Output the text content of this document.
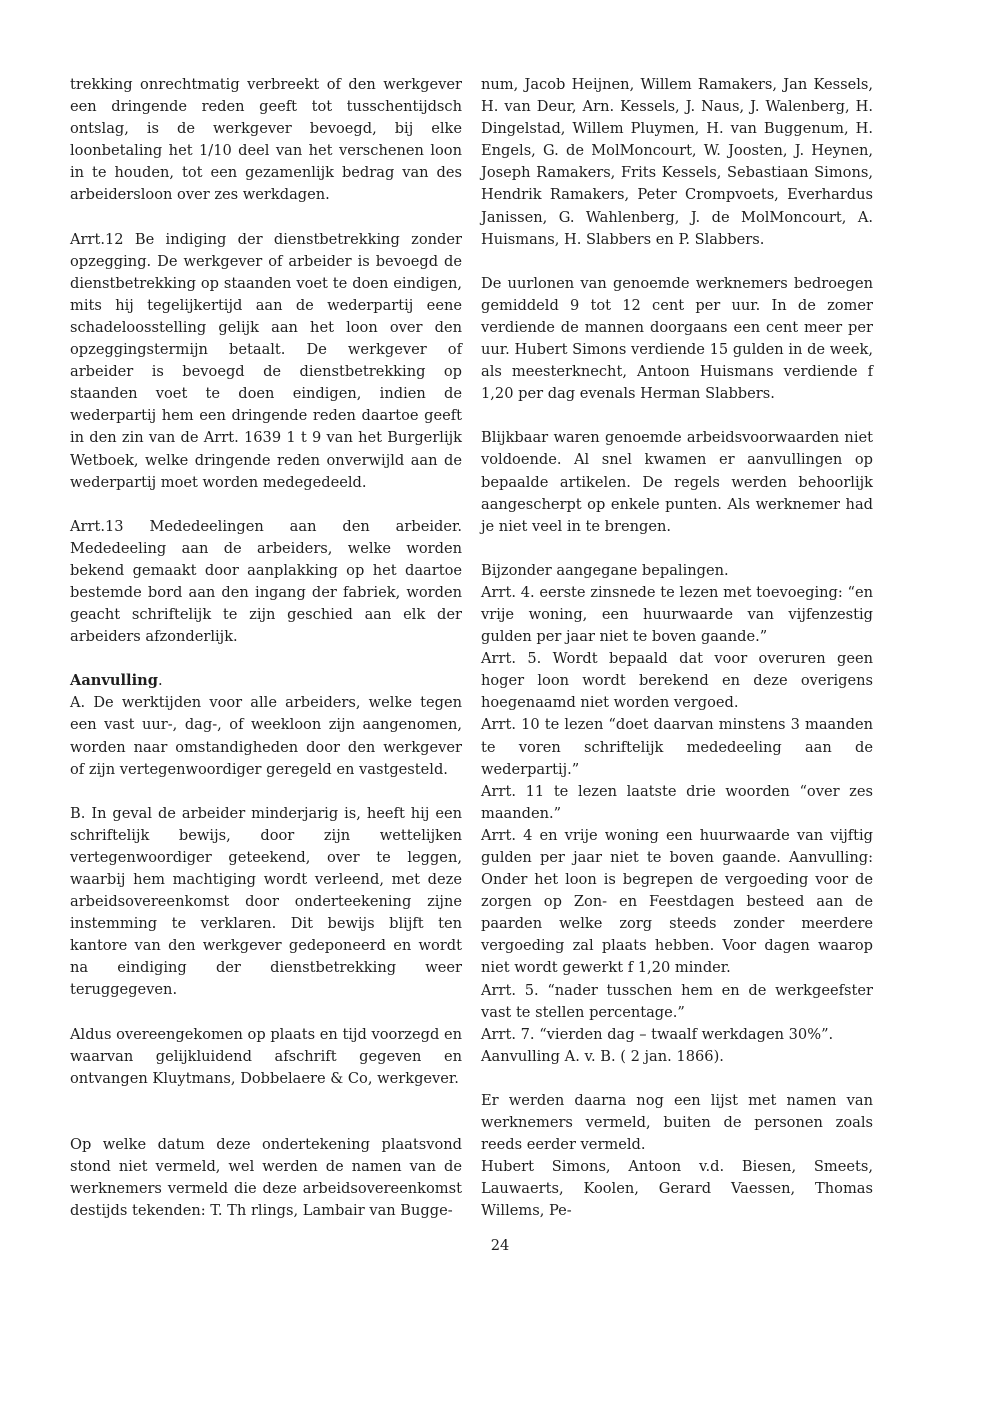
trekking onrechtmatig verbreekt of den werkgever een dringende reden geeft tot tusschentijdsch ontslag, is de werkgever bevoegd, bij elke loonbetaling het 1/10 deel van het verschenen loon in te houden, tot een gezamenlijk bedrag van des arbeidersloon over zes werkdagen.

Arrt.12 Be indiging der dienstbetrekking zonder opzegging. De werkgever of arbeider is bevoegd de dienstbetrekking op staanden voet te doen eindigen, mits hij tegelijkertijd aan de wederpartij eene schadeloosstelling gelijk aan het loon over den opzeggingstermijn betaalt. De werkgever of arbeider is bevoegd de dienstbetrekking op staanden voet te doen eindigen, indien de wederpartij hem een dringende reden daartoe geeft in den zin van de Arrt. 1639 1 t 9 van het Burgerlijk Wetboek, welke dringende reden onverwijld aan de wederpartij moet worden medegedeeld.

Arrt.13 Mededeelingen aan den arbeider. Mededeeling aan de arbeiders, welke worden bekend gemaakt door aanplakking op het daartoe bestemde bord aan den ingang der fabriek, worden geacht schriftelijk te zijn geschied aan elk der arbeiders afzonderlijk.

Aanvulling.

A. De werktijden voor alle arbeiders, welke tegen een vast uur-, dag-, of weekloon zijn aangenomen, worden naar omstandigheden door den werkgever of zijn vertegenwoordiger geregeld en vastgesteld.

B. In geval de arbeider minderjarig is, heeft hij een schriftelijk bewijs, door zijn wettelijken vertegenwoordiger geteekend, over te leggen, waarbij hem machtiging wordt verleend, met deze arbeidsovereenkomst door onderteekening zijne instemming te verklaren. Dit bewijs blijft ten kantore van den werkgever gedeponeerd en wordt na eindiging der dienstbetrekking weer teruggegeven.

Aldus overeengekomen op plaats en tijd voorzegd en waarvan gelijkluidend afschrift gegeven en ontvangen Kluytmans, Dobbelaere & Co, werkgever.

Op welke datum deze ondertekening plaatsvond stond niet vermeld, wel werden de namen van de werknemers vermeld die deze arbeidsovereenkomst destijds tekenden: T. Th rlings, Lambair van Bugge-

num, Jacob Heijnen, Willem Ramakers, Jan Kessels, H. van Deur, Arn. Kessels, J. Naus, J. Walenberg, H. Dingelstad, Willem Pluymen, H. van Buggenum, H. Engels, G. de MolMoncourt, W. Joosten, J. Heynen, Joseph Ramakers, Frits Kessels, Sebastiaan Simons, Hendrik Ramakers, Peter Crompvoets, Everhardus Janissen, G. Wahlenberg, J. de MolMoncourt, A. Huismans, H. Slabbers en P. Slabbers.

De uurlonen van genoemde werknemers bedroegen gemiddeld 9 tot 12 cent per uur. In de zomer verdiende de mannen doorgaans een cent meer per uur. Hubert Simons verdiende 15 gulden in de week, als meesterknecht, Antoon Huismans verdiende f 1,20 per dag evenals Herman Slabbers.

Blijkbaar waren genoemde arbeidsvoorwaarden niet voldoende. Al snel kwamen er aanvullingen op bepaalde artikelen. De regels werden behoorlijk aangescherpt op enkele punten. Als werknemer had je niet veel in te brengen.

Bijzonder aangegane bepalingen.

Arrt. 4. eerste zinsnede te lezen met toevoeging: “en vrije woning, een huurwaarde van vijfenzestig gulden per jaar niet te boven gaande.”

Arrt. 5. Wordt bepaald dat voor overuren geen hoger loon wordt berekend en deze overigens hoegenaamd niet worden vergoed.

Arrt. 10 te lezen “doet daarvan minstens 3 maanden te voren schriftelijk mededeeling aan de wederpartij.”

Arrt. 11 te lezen laatste drie woorden “over zes maanden.”

Arrt. 4 en vrije woning een huurwaarde van vijftig gulden per jaar niet te boven gaande. Aanvulling: Onder het loon is begrepen de vergoeding voor de zorgen op Zon- en Feestdagen besteed aan de paarden welke zorg steeds zonder meerdere vergoeding zal plaats hebben. Voor dagen waarop niet wordt gewerkt f 1,20 minder.

Arrt. 5. “nader tusschen hem en de werkgeefster vast te stellen percentage.”

Arrt. 7. “vierden dag – twaalf werkdagen 30%”.

Aanvulling A. v. B. ( 2 jan. 1866).

Er werden daarna nog een lijst met namen van werknemers vermeld, buiten de personen zoals reeds eerder vermeld.

Hubert Simons, Antoon v.d. Biesen, Smeets, Lauwaerts, Koolen, Gerard Vaessen, Thomas Willems, Pe-

24
